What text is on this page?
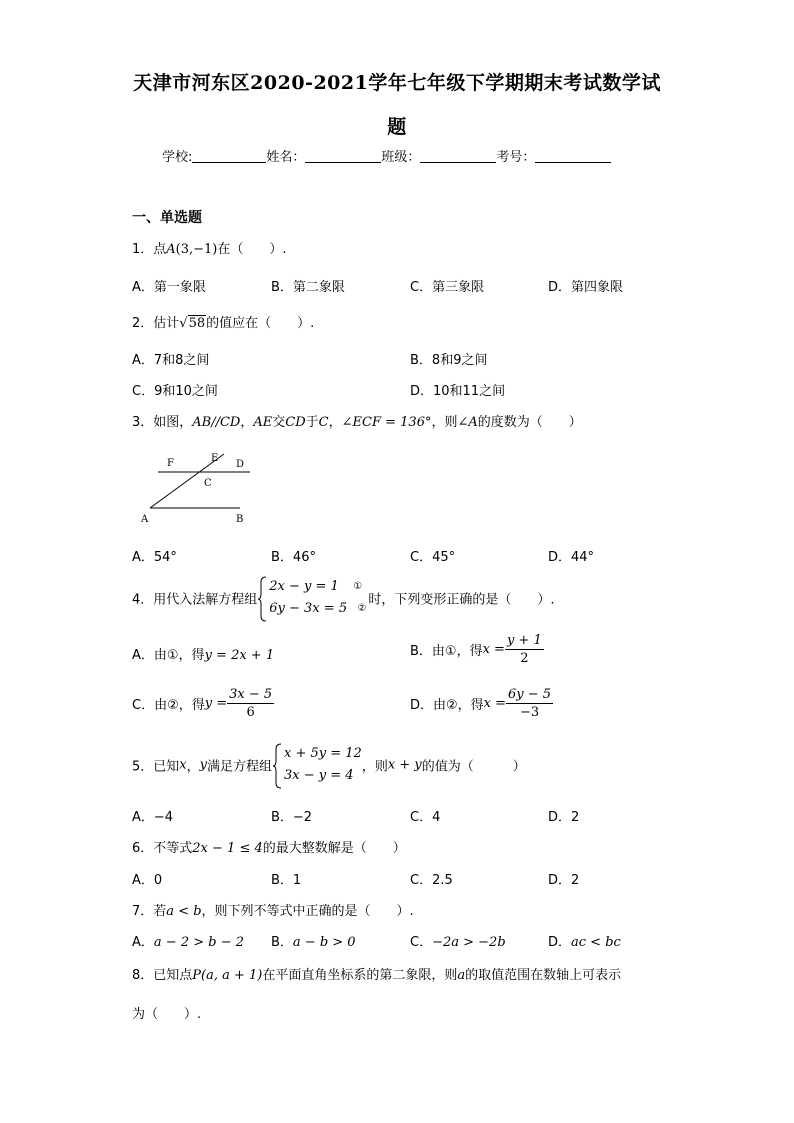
天津市河东区2020-2021学年七年级下学期期末考试数学试
题
学校:	姓名：	班级：	考号：
一、单选题
1．点A(3,−1)在（　　）.
A．第一象限	B．第二象限	C．第三象限	D．第四象限
2．估计√58的值应在（　　）.
A．7和8之间	B．8和9之间
C．9和10之间	D．10和11之间
3．如图，AB//CD，AE交CD于C，∠ECF = 136°，则∠A的度数为（　　）
F	E
D
C
A	B
A．54°	B．46°	C．45°	D．44°
4．用代入法解方程组
2x − y = 1 ①
6y − 3x = 5 ②
时，下列变形正确的是（　　）.
A．由①，得y = 2x + 1	B．由①，得$x = \frac{y + 1}{2}$
C．由②，得$y = \frac{3x - 5}{6}$	D．由②，得$x = \frac{6y - 5}{-3}$
5．已知x，y满足方程组
x + 5y = 12
3x − y = 4
，则x + y的值为（　　　）
A．−4	B．−2	C．4	D．2
6．不等式2x − 1 ≤ 4的最大整数解是（　　）
A．0	B．1	C．2.5	D．2
7．若a < b，则下列不等式中正确的是（　　）.
A．a − 2 > b − 2 B．a − b > 0	C．−2a > −2b	D．ac < bc
8．已知点P(a, a + 1)在平面直角坐标系的第二象限，则a的取值范围在数轴上可表示
为（　　）.
